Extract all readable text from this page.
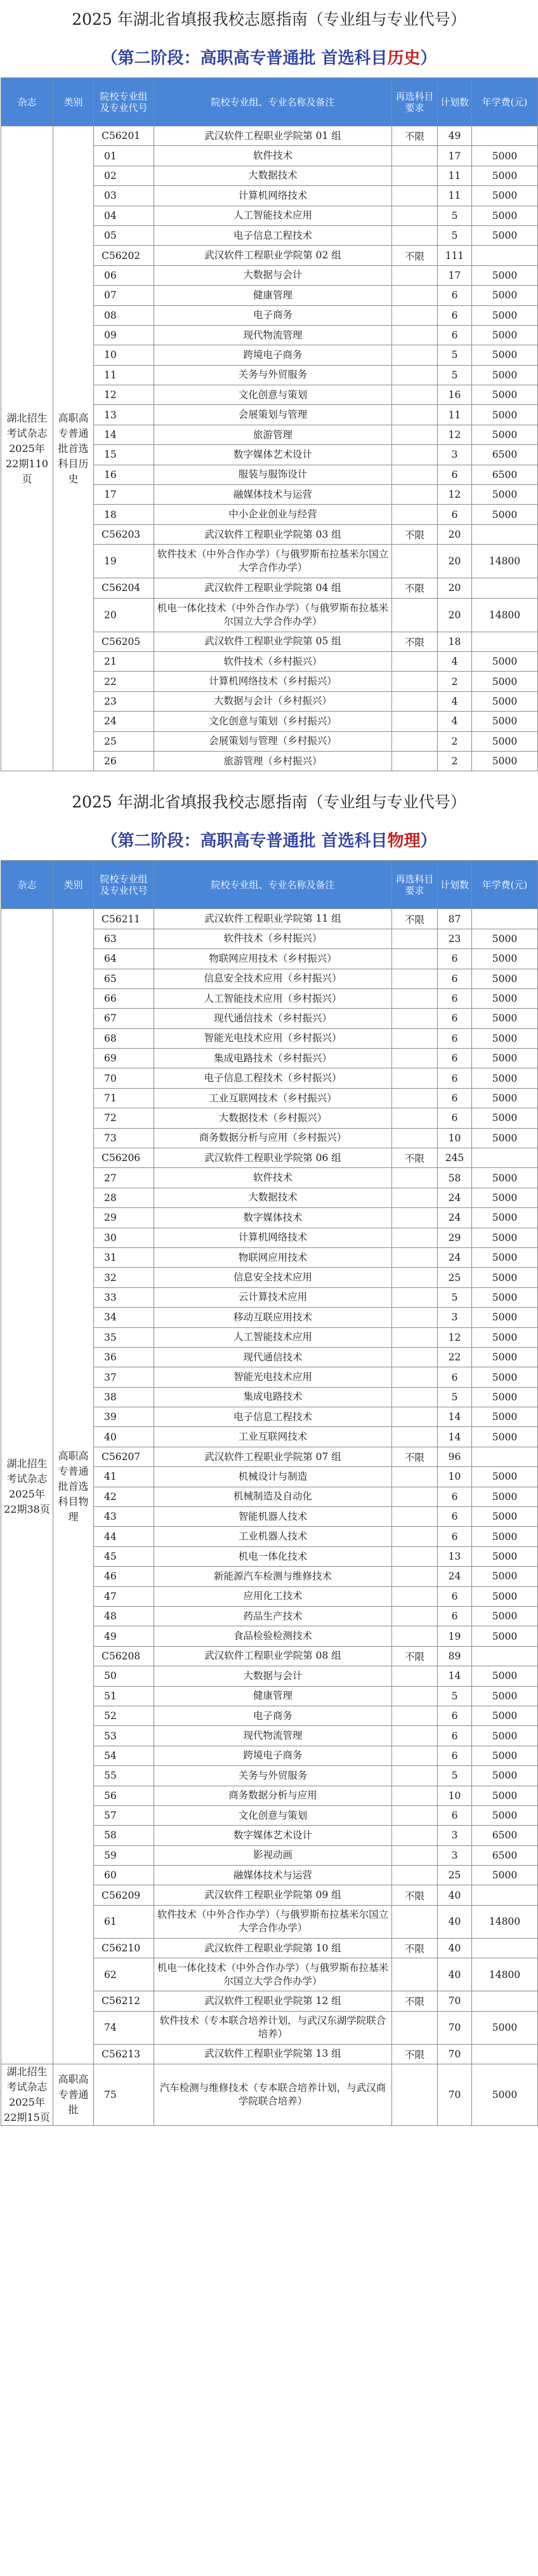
2025 年湖北省填报我校志愿指南（专业组与专业代号）
（第二阶段：高职高专普通批 首选科目历史）
杂志	类别	院校专业组及专业代号	院校专业组、专业名称及备注	再选科目要求	计划数	年学费(元)
湖北招生考试杂志2025年22期110页	高职高专普通批首选科目历史	C56201	武汉软件工程职业学院第 01 组	不限	49	
		01	软件技术		17	5000
		02	大数据技术		11	5000
		03	计算机网络技术		11	5000
		04	人工智能技术应用		5	5000
		05	电子信息工程技术		5	5000
		C56202	武汉软件工程职业学院第 02 组	不限	111	
		06	大数据与会计		17	5000
		07	健康管理		6	5000
		08	电子商务		6	5000
		09	现代物流管理		6	5000
		10	跨境电子商务		5	5000
		11	关务与外贸服务		5	5000
		12	文化创意与策划		16	5000
		13	会展策划与管理		11	5000
		14	旅游管理		12	5000
		15	数字媒体艺术设计		3	6500
		16	服装与服饰设计		6	6500
		17	融媒体技术与运营		12	5000
		18	中小企业创业与经营		6	5000
		C56203	武汉软件工程职业学院第 03 组	不限	20	
		19	软件技术（中外合作办学）（与俄罗斯布拉基米尔国立大学合作办学）		20	14800
		C56204	武汉软件工程职业学院第 04 组	不限	20	
		20	机电一体化技术（中外合作办学）（与俄罗斯布拉基米尔国立大学合作办学）		20	14800
		C56205	武汉软件工程职业学院第 05 组	不限	18	
		21	软件技术（乡村振兴）		4	5000
		22	计算机网络技术（乡村振兴）		2	5000
		23	大数据与会计（乡村振兴）		4	5000
		24	文化创意与策划（乡村振兴）		4	5000
		25	会展策划与管理（乡村振兴）		2	5000
		26	旅游管理（乡村振兴）		2	5000
2025 年湖北省填报我校志愿指南（专业组与专业代号）
（第二阶段：高职高专普通批 首选科目物理）
杂志	类别	院校专业组及专业代号	院校专业组、专业名称及备注	再选科目要求	计划数	年学费(元)
湖北招生考试杂志2025年22期38页	高职高专普通批首选科目物理	C56211	武汉软件工程职业学院第 11 组	不限	87	
		63	软件技术（乡村振兴）		23	5000
		64	物联网应用技术（乡村振兴）		6	5000
		65	信息安全技术应用（乡村振兴）		6	5000
		66	人工智能技术应用（乡村振兴）		6	5000
		67	现代通信技术（乡村振兴）		6	5000
		68	智能光电技术应用（乡村振兴）		6	5000
		69	集成电路技术（乡村振兴）		6	5000
		70	电子信息工程技术（乡村振兴）		6	5000
		71	工业互联网技术（乡村振兴）		6	5000
		72	大数据技术（乡村振兴）		6	5000
		73	商务数据分析与应用（乡村振兴）		10	5000
		C56206	武汉软件工程职业学院第 06 组	不限	245	
		27	软件技术		58	5000
		28	大数据技术		24	5000
		29	数字媒体技术		24	5000
		30	计算机网络技术		29	5000
		31	物联网应用技术		24	5000
		32	信息安全技术应用		25	5000
		33	云计算技术应用		5	5000
		34	移动互联应用技术		3	5000
		35	人工智能技术应用		12	5000
		36	现代通信技术		22	5000
		37	智能光电技术应用		6	5000
		38	集成电路技术		5	5000
		39	电子信息工程技术		14	5000
		40	工业互联网技术		14	5000
		C56207	武汉软件工程职业学院第 07 组	不限	96	
		41	机械设计与制造		10	5000
		42	机械制造及自动化		6	5000
		43	智能机器人技术		6	5000
		44	工业机器人技术		6	5000
		45	机电一体化技术		13	5000
		46	新能源汽车检测与维修技术		24	5000
		47	应用化工技术		6	5000
		48	药品生产技术		6	5000
		49	食品检验检测技术		19	5000
		C56208	武汉软件工程职业学院第 08 组	不限	89	
		50	大数据与会计		14	5000
		51	健康管理		5	5000
		52	电子商务		6	5000
		53	现代物流管理		6	5000
		54	跨境电子商务		6	5000
		55	关务与外贸服务		5	5000
		56	商务数据分析与应用		10	5000
		57	文化创意与策划		6	5000
		58	数字媒体艺术设计		3	6500
		59	影视动画		3	6500
		60	融媒体技术与运营		25	5000
		C56209	武汉软件工程职业学院第 09 组	不限	40	
		61	软件技术（中外合作办学）（与俄罗斯布拉基米尔国立大学合作办学）		40	14800
		C56210	武汉软件工程职业学院第 10 组	不限	40	
		62	机电一体化技术（中外合作办学）（与俄罗斯布拉基米尔国立大学合作办学）		40	14800
		C56212	武汉软件工程职业学院第 12 组	不限	70	
		74	软件技术（专本联合培养计划，与武汉东湖学院联合培养）		70	5000
		C56213	武汉软件工程职业学院第 13 组	不限	70	
湖北招生考试杂志2025年22期15页	高职高专普通批	75	汽车检测与维修技术（专本联合培养计划，与武汉商学院联合培养）		70	5000
